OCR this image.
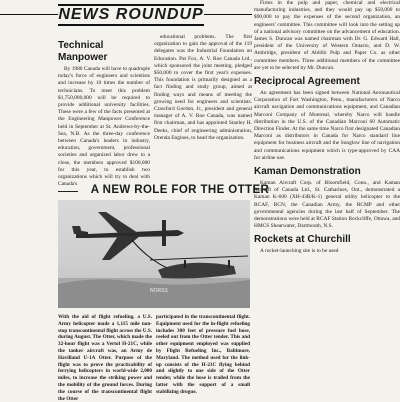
NEWS ROUNDUP
Technical Manpower

By 1980 Canada will have to quadruple today's force of engineers and scientists and increase by 10 times the number of technicians. To meet this problem $1,750,000,000 will be required to provide additional university facilities. These were a few of the facts presented at the Engineering Manpower Conference held in September at St. Andrews-by-the-Sea, N.B. As the three-day conference between Canada's leaders in industry, education, government, professional societies and organized labor drew to a close, the members approved $100,000 for this year, to establish two organizations which will try to deal with Canada's

educational problems. The first organization to gain the approval of the 119 delegates was the Industrial Foundation on Education. Pat Fox, A. V. Roe Canada Ltd., which sponsored the joint meeting, pledged $50,000 to cover the first year's expenses. This foundation is primarily designed as a fact finding and study group, aimed at finding ways and means of meeting the growing need for engineers and scientists. Crawford Gordon, Jr., president and general manager of A. V. Roe Canada, was named first chairman, and has appointed Stanley H. Deeks, chief of engineering administration, Orenda Engines, to head the organization.

A NEW ROLE FOR THE OTTER
NORSS
With the aid of flight refueling, a U.S. Army helicopter made a 1,115 mile non-stop transcontinental flight across the U.S. during August. The Otter, which made the 32-hour flight was a Vertol H-21C, while the tanker aircraft was, an Army de Havilland U-1A Otter. Purpose of the flight was to prove the practicability of ferrying helicopters in world-wide 2,000 miles, to increase the striking power and the mobility of the ground forces. During the course of the transcontinental flight the Otter
participated in the transcontinental flight. Equipment used for the in-flight refueling includes 300 feet of pressure fuel hose, reeled out from the Otter tender. This and other equipment employed was supplied by Flight Refueling Inc., Baltimore, Maryland. The method used for the link-up consists of the H-21C flying behind and slightly to one side of the Otter tender, while the hose is trailed from the latter with the support of a small stabilizing drogue.

Firms in the pulp and paper, chemical and electrical manufacturing industries, and they would pay up $50,000 to $90,000 to pay the expenses of the second organization, an engineers' committee. This committee will look into the setting up of a national advisory committee on the advancement of education. James S. Duncan was named chairman with Dr. G. Edward Hall, president of the University of Western Ontario, and D. W. Ambridge, president of Abitibi Pulp and Paper Co. as other committee members. Three additional members of the committee are yet to be selected by Mr. Duncan.

Reciprocal Agreement

An agreement has been signed between National Aeronautical Corporation of Fort Washington, Penn., manufacturers of Narco aircraft navigation and communications equipment, and Canadian Marconi Company of Montreal, whereby Narco will handle distribution in the U.S. of the Canadian Marconi 60 Automatic Direction Finder. At the same time Narco first designated Canadian Marconi as distributors in Canada for Narco standard line equipment for business aircraft and the Sunglow line of navigation and communications equipment which is type-approved by CAA for airline use.

Kaman Demonstration

Kaman Aircraft Corp. of Bloomfield, Conn., and Kaman Aircraft of Canada Ltd., St. Catharines, Ont., demonstrated a Kaman K-600 (XH-43B/K-1) general utility helicopter to the RCAF, RCN, the Canadian Army, the RCMP and other governmental agencies during the last half of September. The demonstrations were held at RCAF Station Rockcliffe, Ottawa, and HMCS Shearwater, Dartmouth, N.S.

Rockets at Churchill

A rocket-launching site is to be used
